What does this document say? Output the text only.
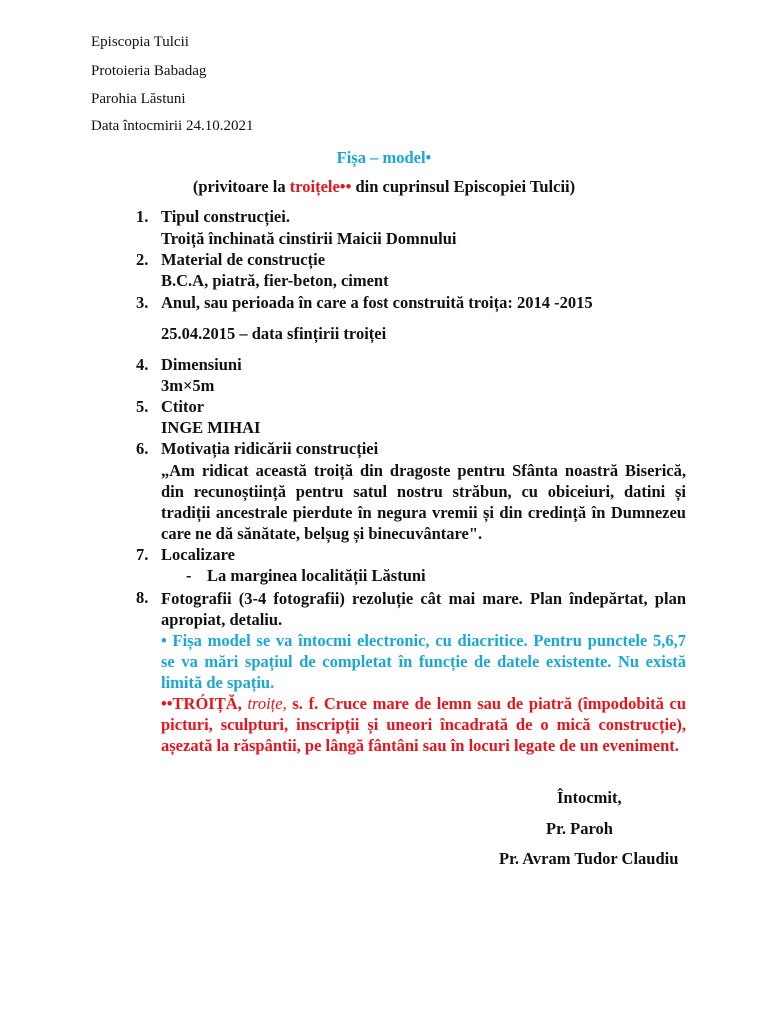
Episcopia Tulcii
Protoieria Babadag
Parohia Lăstuni
Data întocmirii 24.10.2021
Fișa – model•
(privitoare la troițele•• din cuprinsul Episcopiei Tulcii)
1. Tipul construcției.
Troiță închinată cinstirii Maicii Domnului
2. Material de construcție
B.C.A, piatră, fier-beton, ciment
3. Anul, sau perioada în care a fost construită troița: 2014 -2015
25.04.2015 – data sfințirii troiței
4. Dimensiuni
3m×5m
5. Ctitor
INGE MIHAI
6. Motivația ridicării construcției
„Am ridicat această troiță din dragoste pentru Sfânta noastră Biserică, din recunoștiință pentru satul nostru străbun, cu obiceiuri, datini și tradiții ancestrale pierdute în negura vremii și din credință în Dumnezeu care ne dă sănătate, belșug și binecuvântare".
7. Localizare
- La marginea localității Lăstuni
8. Fotografii (3-4 fotografii) rezoluție cât mai mare. Plan îndepărtat, plan apropiat, detaliu.
• Fișa model se va întocmi electronic, cu diacritice. Pentru punctele 5,6,7 se va mări spațiul de completat în funcție de datele existente. Nu există limită de spațiu.
••TRÓIȚĂ, troițe, s. f. Cruce mare de lemn sau de piatră (împodobită cu picturi, sculpturi, inscripții și uneori încadrată de o mică construcție), așezată la răspântii, pe lângă fântâni sau în locuri legate de un eveniment.
Întocmit,
Pr. Paroh
Pr. Avram Tudor Claudiu
